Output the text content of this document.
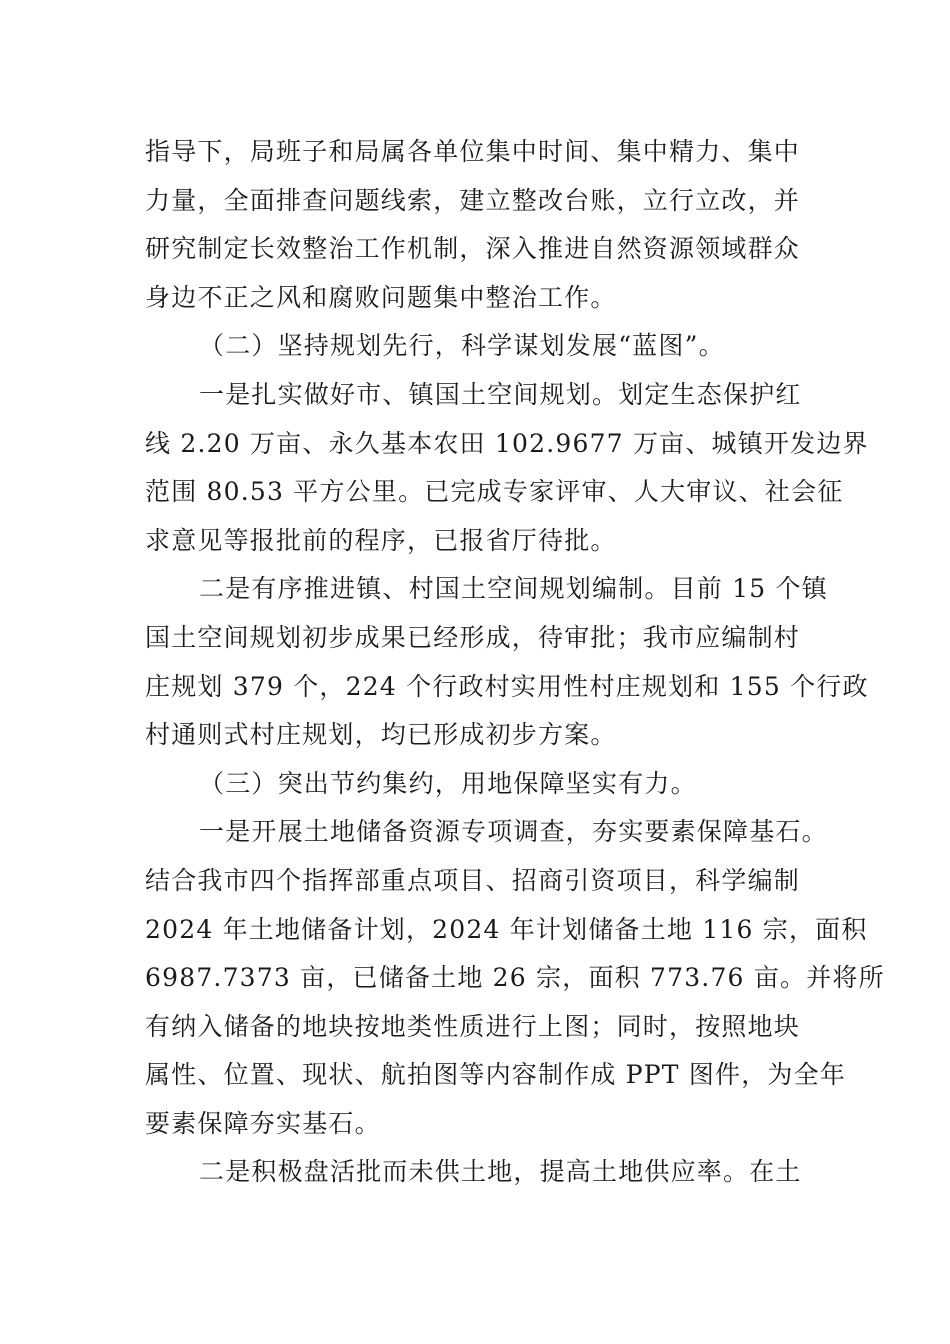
指导下，局班子和局属各单位集中时间、集中精力、集中
力量，全面排查问题线索，建立整改台账，立行立改，并
研究制定长效整治工作机制，深入推进自然资源领域群众
身边不正之风和腐败问题集中整治工作。
（二）坚持规划先行，科学谋划发展“蓝图”。
一是扎实做好市、镇国土空间规划。划定生态保护红
线 2.20 万亩、永久基本农田 102.9677 万亩、城镇开发边界
范围 80.53 平方公里。已完成专家评审、人大审议、社会征
求意见等报批前的程序，已报省厅待批。
二是有序推进镇、村国土空间规划编制。目前 15 个镇
国土空间规划初步成果已经形成，待审批；我市应编制村
庄规划 379 个，224 个行政村实用性村庄规划和 155 个行政
村通则式村庄规划，均已形成初步方案。
（三）突出节约集约，用地保障坚实有力。
一是开展土地储备资源专项调查，夯实要素保障基石。
结合我市四个指挥部重点项目、招商引资项目，科学编制
2024 年土地储备计划，2024 年计划储备土地 116 宗，面积
6987.7373 亩，已储备土地 26 宗，面积 773.76 亩。并将所
有纳入储备的地块按地类性质进行上图；同时，按照地块
属性、位置、现状、航拍图等内容制作成 PPT 图件，为全年
要素保障夯实基石。
二是积极盘活批而未供土地，提高土地供应率。在土
